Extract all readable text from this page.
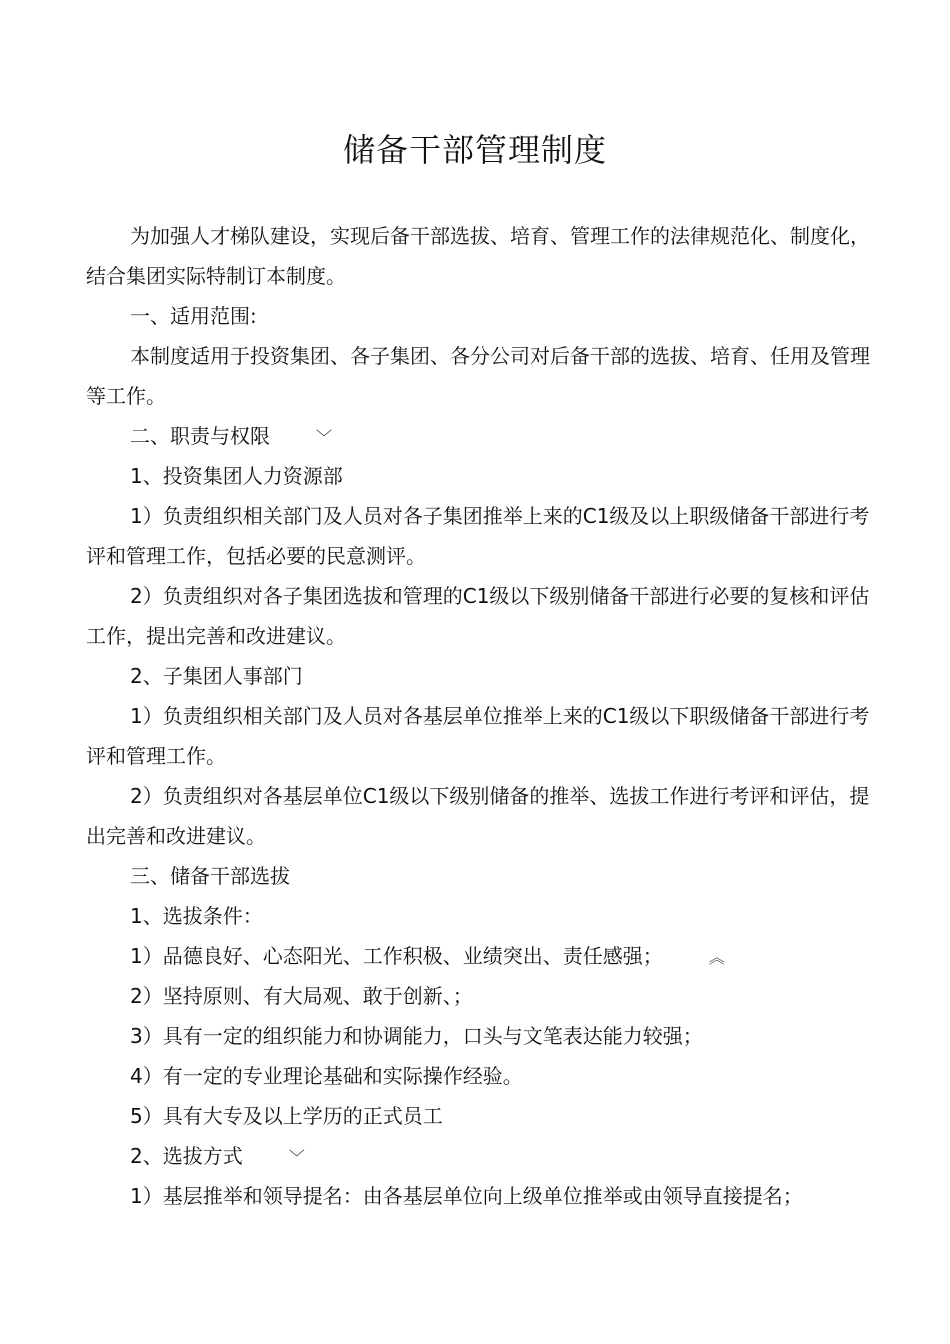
储备干部管理制度

为加强人才梯队建设，实现后备干部选拔、培育、管理工作的法律规范化、制度化，结合集团实际特制订本制度。

一、适用范围:

本制度适用于投资集团、各子集团、各分公司对后备干部的选拔、培育、任用及管理等工作。

二、职责与权限	﹀

1、投资集团人力资源部

1）负责组织相关部门及人员对各子集团推举上来的C1级及以上职级储备干部进行考评和管理工作，包括必要的民意测评。

2）负责组织对各子集团选拔和管理的C1级以下级别储备干部进行必要的复核和评估工作，提出完善和改进建议。

2、子集团人事部门

1）负责组织相关部门及人员对各基层单位推举上来的C1级以下职级储备干部进行考评和管理工作。

2）负责组织对各基层单位C1级以下级别储备的推举、选拔工作进行考评和评估，提出完善和改进建议。

三、储备干部选拔

1、选拔条件：

1）品德良好、心态阳光、工作积极、业绩突出、责任感强；	︽

2）坚持原则、有大局观、敢于创新、；

3）具有一定的组织能力和协调能力，口头与文笔表达能力较强；

4）有一定的专业理论基础和实际操作经验。

5）具有大专及以上学历的正式员工

2、选拔方式	﹀

1）基层推举和领导提名：由各基层单位向上级单位推举或由领导直接提名；
